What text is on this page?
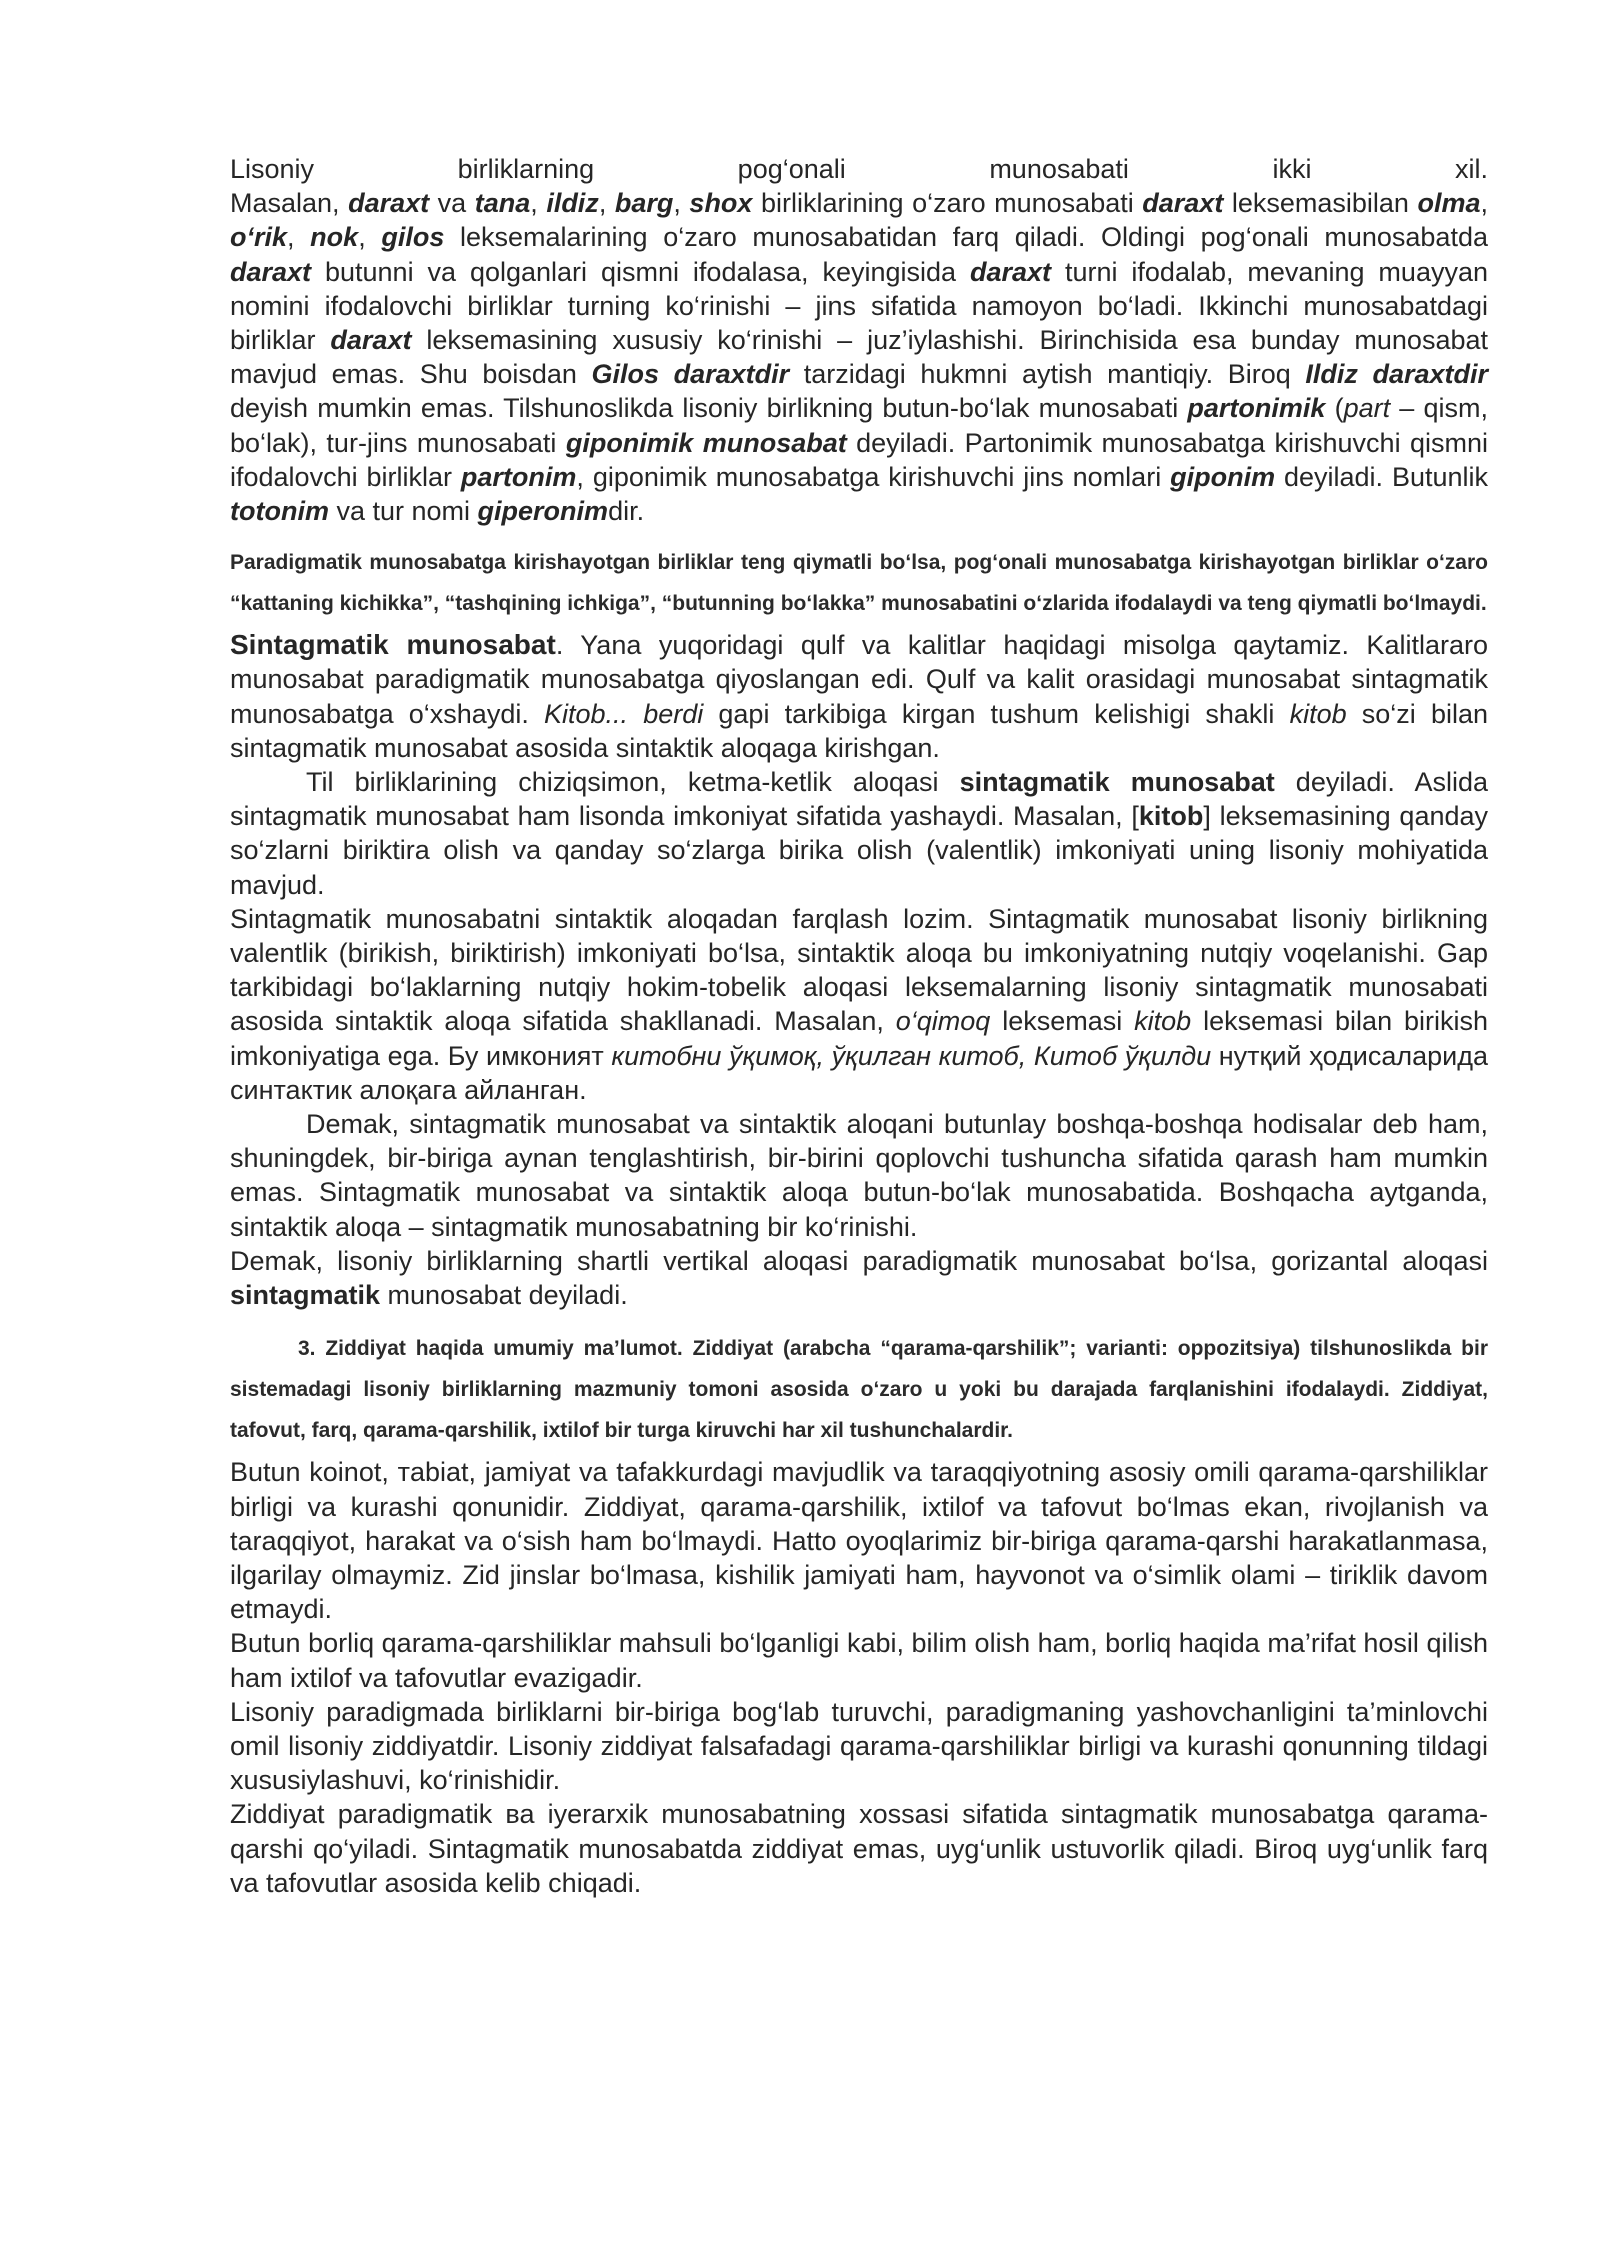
Lisoniy birliklarning pog‘onali munosabati ikki xil.

Masalan, daraxt va tana, ildiz, barg, shox birliklarining o‘zaro munosabati daraxt leksemasibilan olma, o‘rik, nok, gilos leksemalarining o‘zaro munosabatidan farq qiladi. Oldingi pog‘onali munosabatda daraxt butunni va qolganlari qismni ifodalasa, keyingisida daraxt turni ifodalab, mevaning muayyan nomini ifodalovchi birliklar turning ko‘rinishi – jins sifatida namoyon bo‘ladi. Ikkinchi munosabatdagi birliklar daraxt leksemasining xususiy ko‘rinishi – juz’iylashishi. Birinchisida esa bunday munosabat mavjud emas. Shu boisdan Gilos daraxtdir tarzidagi hukmni aytish mantiqiy. Biroq Ildiz daraxtdir deyish mumkin emas. Tilshunoslikda lisoniy birlikning butun-bo‘lak munosabati partonimik (part – qism, bo‘lak), tur-jins munosabati giponimik munosabat deyiladi. Partonimik munosabatga kirishuvchi qismni ifodalovchi birliklar partonim, giponimik munosabatga kirishuvchi jins nomlari giponim deyiladi. Butunlik totonim va tur nomi giperonimdir.

Paradigmatik munosabatga kirishayotgan birliklar teng qiymatli bo‘lsa, pog‘onali munosabatga kirishayotgan birliklar o‘zaro “kattaning kichikka”, “tashqining ichkiga”, “butunning bo‘lakka” munosabatini o‘zlarida ifodalaydi va teng qiymatli bo‘lmaydi.

Sintagmatik munosabat. Yana yuqoridagi qulf va kalitlar haqidagi misolga qaytamiz. Kalitlararo munosabat paradigmatik munosabatga qiyoslangan edi. Qulf va kalit orasidagi munosabat sintagmatik munosabatga o‘xshaydi. Kitob... berdi gapi tarkibiga kirgan tushum kelishigi shakli kitob so‘zi bilan sintagmatik munosabat asosida sintaktik aloqaga kirishgan.

Til birliklarining chiziqsimon, ketma-ketlik aloqasi sintagmatik munosabat deyiladi. Aslida sintagmatik munosabat ham lisonda imkoniyat sifatida yashaydi. Masalan, [kitob] leksemasining qanday so‘zlarni biriktira olish va qanday so‘zlarga birika olish (valentlik) imkoniyati uning lisoniy mohiyatida mavjud.

Sintagmatik munosabatni sintaktik aloqadan farqlash lozim. Sintagmatik munosabat lisoniy birlikning valentlik (birikish, biriktirish) imkoniyati bo‘lsa, sintaktik aloqa bu imkoniyatning nutqiy voqelanishi. Gap tarkibidagi bo‘laklarning nutqiy hokim-tobelik aloqasi leksemalarning lisoniy sintagmatik munosabati asosida sintaktik aloqa sifatida shakllanadi. Masalan, o‘qimoq leksemasi kitob leksemasi bilan birikish imkoniyatiga ega. Бу имконият китобни ўқимоқ, ўқилган китоб, Китоб ўқилди нутқий ҳодисаларида синтактик алоқага айланган.

Demak, sintagmatik munosabat va sintaktik aloqani butunlay boshqa-boshqa hodisalar deb ham, shuningdek, bir-biriga aynan tenglashtirish, bir-birini qoplovchi tushuncha sifatida qarash ham mumkin emas. Sintagmatik munosabat va sintaktik aloqa butun-bo‘lak munosabatida. Boshqacha aytganda, sintaktik aloqa – sintagmatik munosabatning bir ko‘rinishi.

Demak, lisoniy birliklarning shartli vertikal aloqasi paradigmatik munosabat bo‘lsa, gorizantal aloqasi sintagmatik munosabat deyiladi.

3. Ziddiyat haqida umumiy ma’lumot. Ziddiyat (arabcha “qarama-qarshilik”; varianti: oppozitsiya) tilshunoslikda bir sistemadagi lisoniy birliklarning mazmuniy tomoni asosida o‘zaro u yoki bu darajada farqlanishini ifodalaydi. Ziddiyat, tafovut, farq, qarama-qarshilik, ixtilof bir turga kiruvchi har xil tushunchalardir.

Butun koinot, тabiat, jamiyat va tafakkurdagi mavjudlik va taraqqiyotning asosiy omili qarama-qarshiliklar birligi va kurashi qonunidir. Ziddiyat, qarama-qarshilik, ixtilof va tafovut bo‘lmas ekan, rivojlanish va taraqqiyot, harakat va o‘sish ham bo‘lmaydi. Hatto oyoqlarimiz bir-biriga qarama-qarshi harakatlanmasa, ilgarilay olmaymiz. Zid jinslar bo‘lmasa, kishilik jamiyati ham, hayvonot va o‘simlik olami – tiriklik davom etmaydi.

Butun borliq qarama-qarshiliklar mahsuli bo‘lganligi kabi, bilim olish ham, borliq haqida ma’rifat hosil qilish ham ixtilof va tafovutlar evazigadir.

Lisoniy paradigmada birliklarni bir-biriga bog‘lab turuvchi, paradigmaning yashovchanligini ta’minlovchi omil lisoniy ziddiyatdir. Lisoniy ziddiyat falsafadagi qarama-qarshiliklar birligi va kurashi qonunning tildagi xususiylashuvi, ko‘rinishidir.

Ziddiyat paradigmatik ва iyerarxik munosabatning xossasi sifatida sintagmatik munosabatga qarama-qarshi qo‘yiladi. Sintagmatik munosabatda ziddiyat emas, uyg‘unlik ustuvorlik qiladi. Biroq uyg‘unlik farq va tafovutlar asosida kelib chiqadi.
